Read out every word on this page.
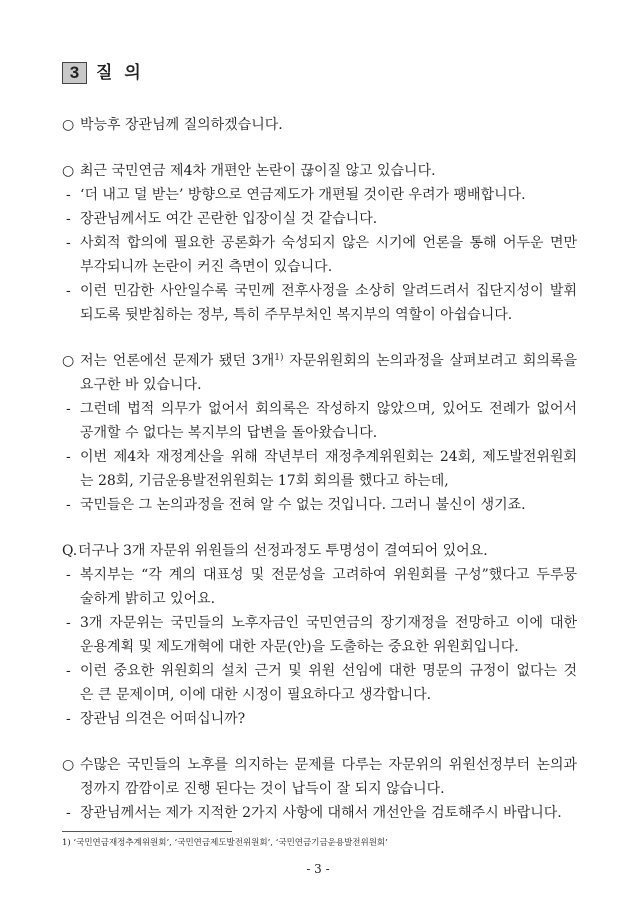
3 질 의
○ 박능후 장관님께 질의하겠습니다.
○ 최근 국민연금 제4차 개편안 논란이 끊이질 않고 있습니다.
- ‘더 내고 덜 받는’ 방향으로 연금제도가 개편될 것이란 우려가 팽배합니다.
- 장관님께서도 여간 곤란한 입장이실 것 같습니다.
- 사회적 합의에 필요한 공론화가 숙성되지 않은 시기에 언론을 통해 어두운 면만
부각되니까 논란이 커진 측면이 있습니다.
- 이런 민감한 사안일수록 국민께 전후사정을 소상히 알려드려서 집단지성이 발휘
되도록 뒷받침하는 정부, 특히 주무부처인 복지부의 역할이 아쉽습니다.
○ 저는 언론에선 문제가 됐던 3개$^{1)}$ 자문위원회의 논의과정을 살펴보려고 회의록을
요구한 바 있습니다.
- 그런데 법적 의무가 없어서 회의록은 작성하지 않았으며, 있어도 전례가 없어서
공개할 수 없다는 복지부의 답변을 돌아왔습니다.
- 이번 제4차 재정계산을 위해 작년부터 재정추계위원회는 24회, 제도발전위원회
는 28회, 기금운용발전위원회는 17회 회의를 했다고 하는데,
- 국민들은 그 논의과정을 전혀 알 수 없는 것입니다. 그러니 불신이 생기죠.
Q. 더구나 3개 자문위 위원들의 선정과정도 투명성이 결여되어 있어요.
- 복지부는 “각 계의 대표성 및 전문성을 고려하여 위원회를 구성”했다고 두루뭉
술하게 밝히고 있어요.
- 3개 자문위는 국민들의 노후자금인 국민연금의 장기재정을 전망하고 이에 대한
운용계획 및 제도개혁에 대한 자문(안)을 도출하는 중요한 위원회입니다.
- 이런 중요한 위원회의 설치 근거 및 위원 선임에 대한 명문의 규정이 없다는 것
은 큰 문제이며, 이에 대한 시정이 필요하다고 생각합니다.
- 장관님 의견은 어떠십니까?
○ 수많은 국민들의 노후를 의지하는 문제를 다루는 자문위의 위원선정부터 논의과
정까지 깜깜이로 진행 된다는 것이 납득이 잘 되지 않습니다.
- 장관님께서는 제가 지적한 2가지 사항에 대해서 개선안을 검토해주시 바랍니다.
1) ‘국민연금재정추계위원회’, ‘국민연금제도발전위원회’, ‘국민연금기금운용발전위원회’
- 3 -
